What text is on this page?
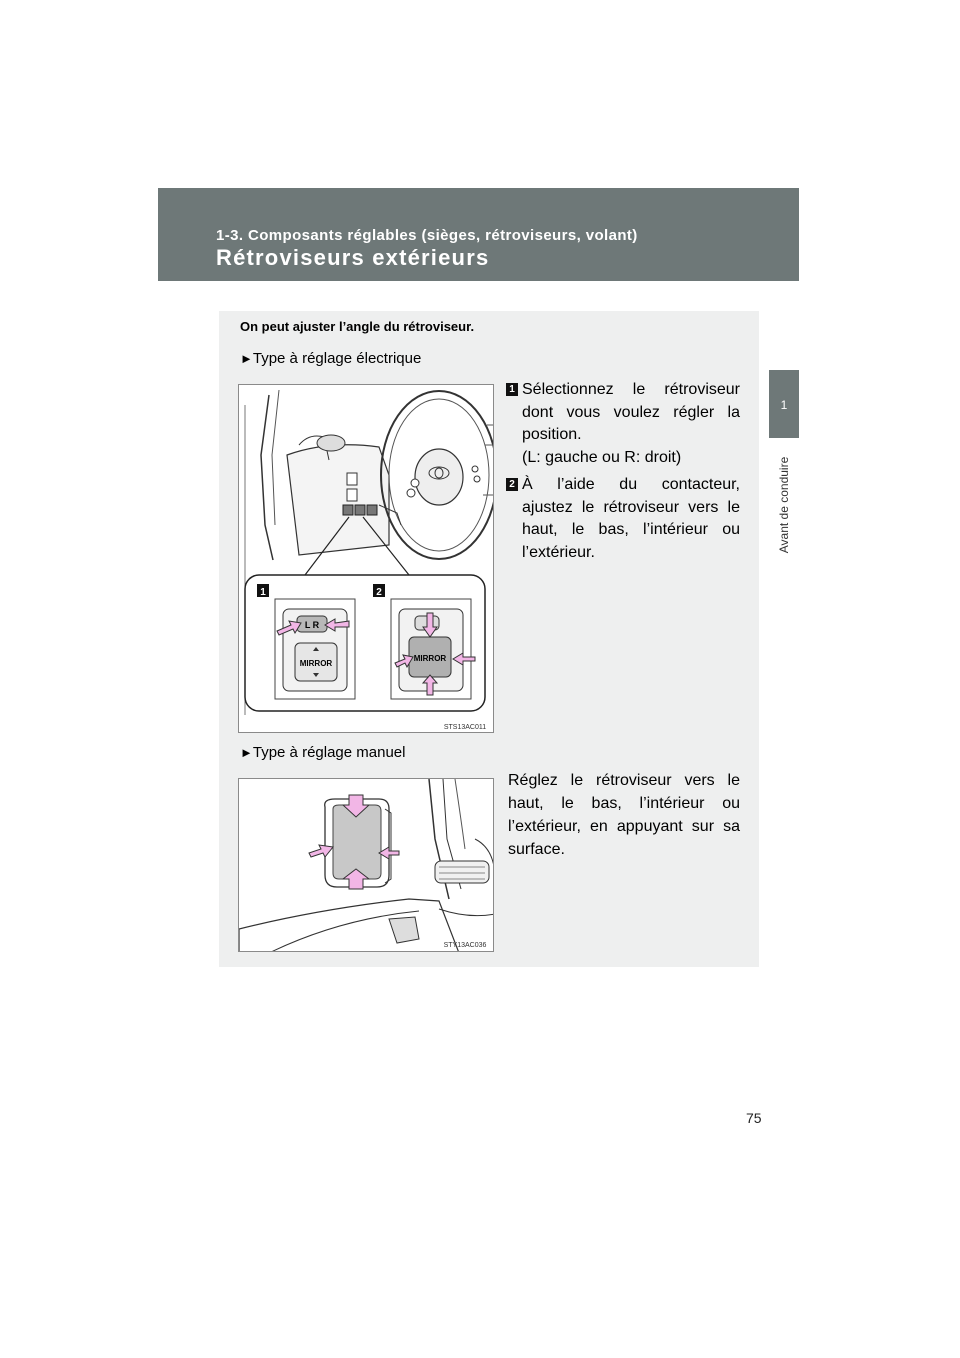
1-3. Composants réglables (sièges, rétroviseurs, volant)
Rétroviseurs extérieurs
1
Avant de conduire
On peut ajuster l’angle du rétroviseur.
►Type à réglage électrique
1	2
L R
MIRROR
MIRROR
STS13AC011
1 Sélectionnez le rétroviseur
dont vous voulez régler la
position.
(L: gauche ou R: droit)
2 À l’aide du contacteur,
ajustez le rétroviseur vers le
haut, le bas, l’intérieur ou
l’extérieur.
►Type à réglage manuel
STY13AC036
Réglez le rétroviseur vers le
haut, le bas, l’intérieur ou
l’extérieur, en appuyant sur sa
surface.
75
